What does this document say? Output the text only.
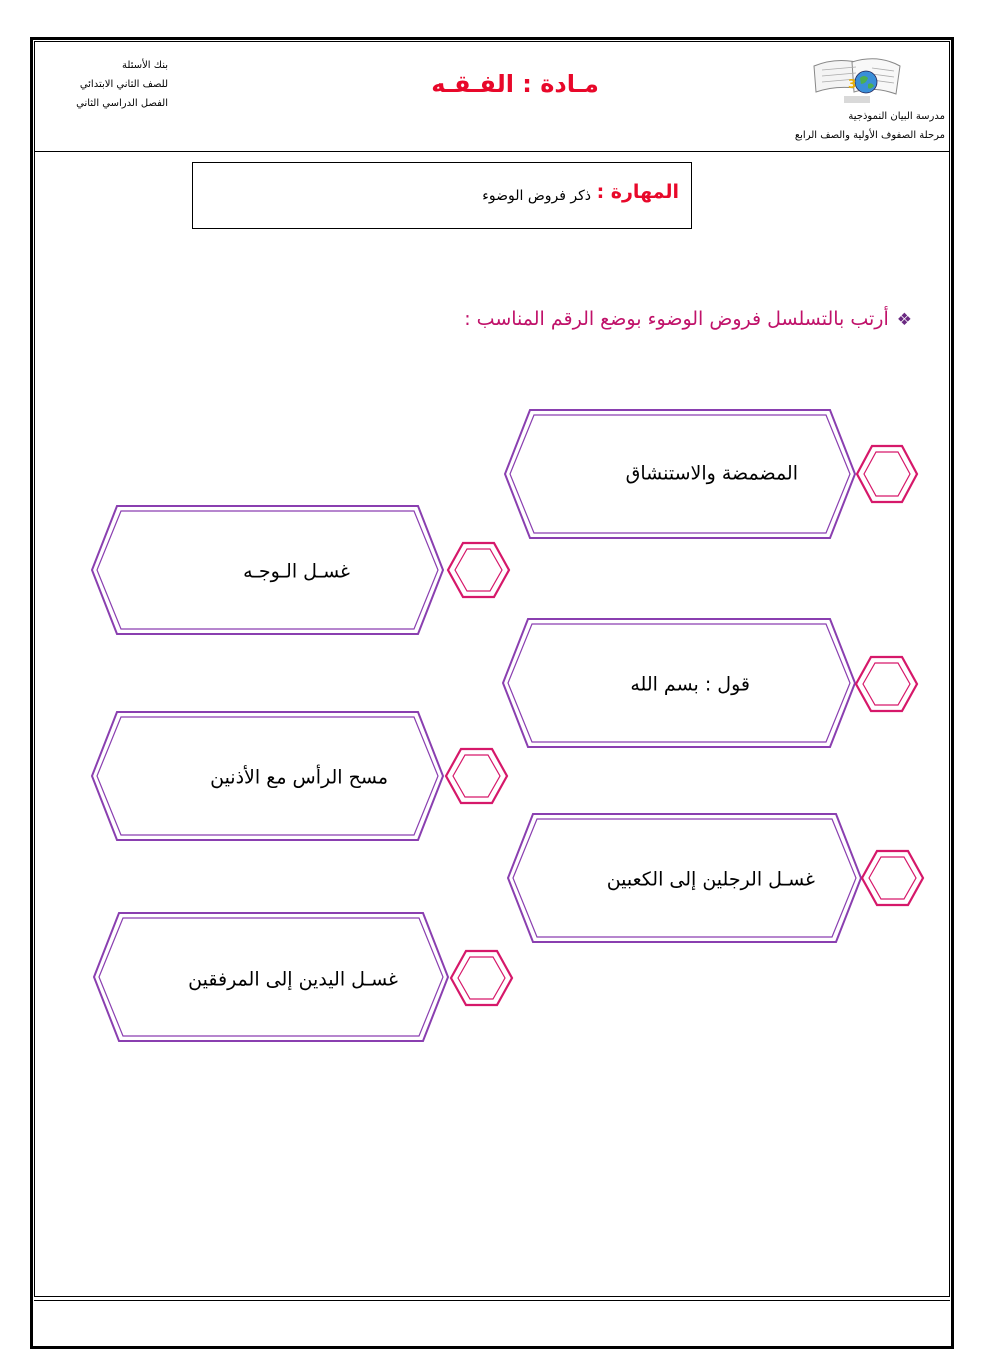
بنك الأسئلة
للصف الثاني الابتدائي
الفصل الدراسي الثاني
مـادة : الفـقـه	3
مدرسة البيان النموذجية
مرحلة الصفوف الأولية والصف الرابع
المهارة :
ذكر فروض الوضوء
❖أرتب بالتسلسل فروض الوضوء بوضع الرقم المناسب :
المضمضة والاستنشاق
غسـل الـوجـه
قول : بسم الله
مسح الرأس مع الأذنين
غسـل الرجلين إلى الكعبين
غسـل اليدين إلى المرفقين
